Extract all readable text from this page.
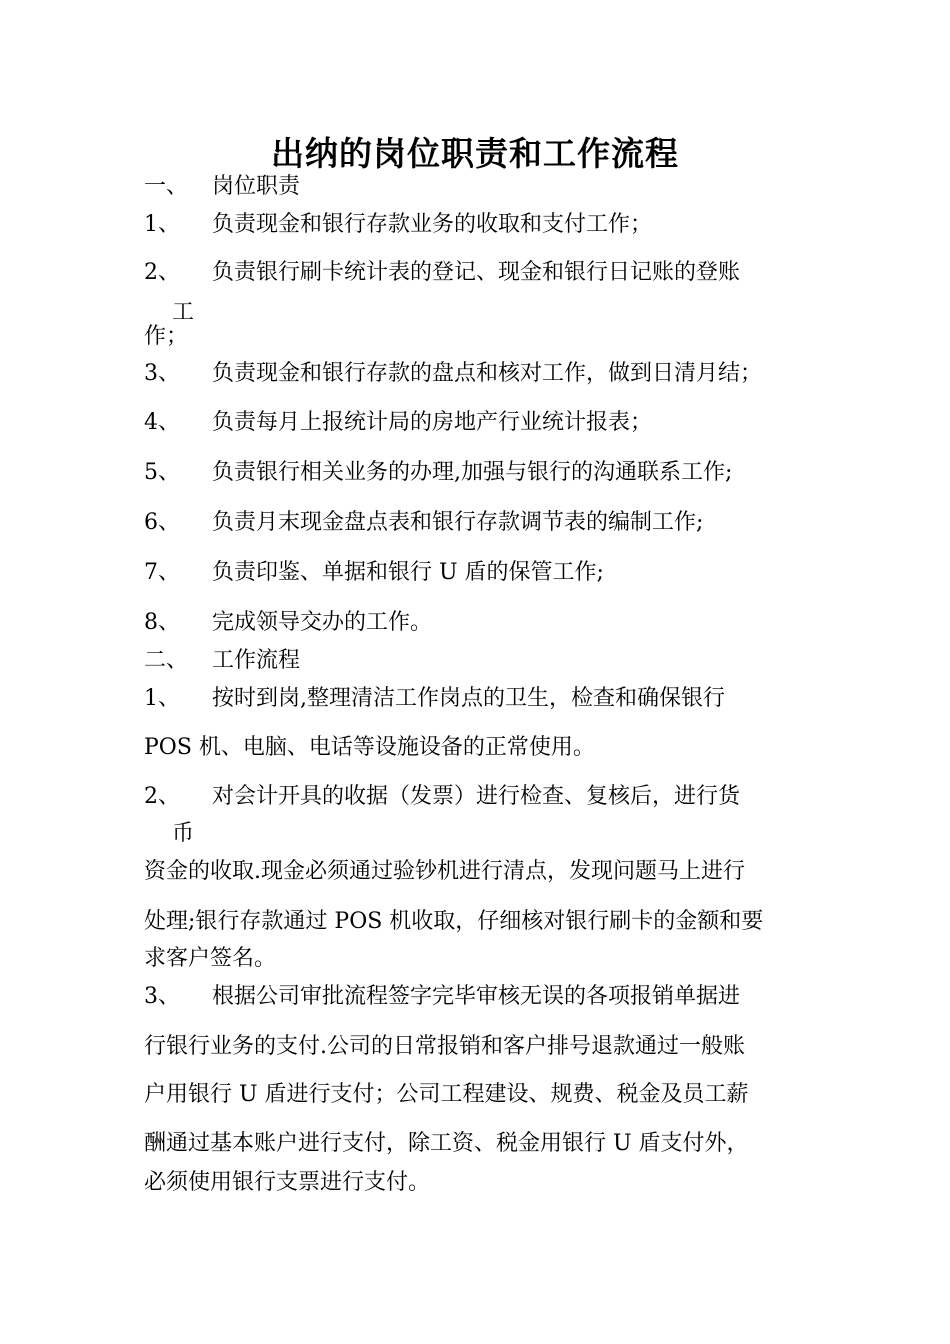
出纳的岗位职责和工作流程
一、 岗位职责
1、 负责现金和银行存款业务的收取和支付工作；
2、 负责银行刷卡统计表的登记、现金和银行日记账的登账
工
作；
3、 负责现金和银行存款的盘点和核对工作，做到日清月结；
4、 负责每月上报统计局的房地产行业统计报表；
5、 负责银行相关业务的办理,加强与银行的沟通联系工作;
6、 负责月末现金盘点表和银行存款调节表的编制工作;
7、 负责印鉴、单据和银行 U 盾的保管工作;
8、 完成领导交办的工作。
二、 工作流程
1、 按时到岗,整理清洁工作岗点的卫生，检查和确保银行
POS 机、电脑、电话等设施设备的正常使用。
2、 对会计开具的收据（发票）进行检查、复核后，进行货
币
资金的收取.现金必须通过验钞机进行清点，发现问题马上进行
处理;银行存款通过 POS 机收取，仔细核对银行刷卡的金额和要
求客户签名。
3、 根据公司审批流程签字完毕审核无误的各项报销单据进
行银行业务的支付.公司的日常报销和客户排号退款通过一般账
户用银行 U 盾进行支付；公司工程建设、规费、税金及员工薪
酬通过基本账户进行支付，除工资、税金用银行 U 盾支付外，
必须使用银行支票进行支付。
